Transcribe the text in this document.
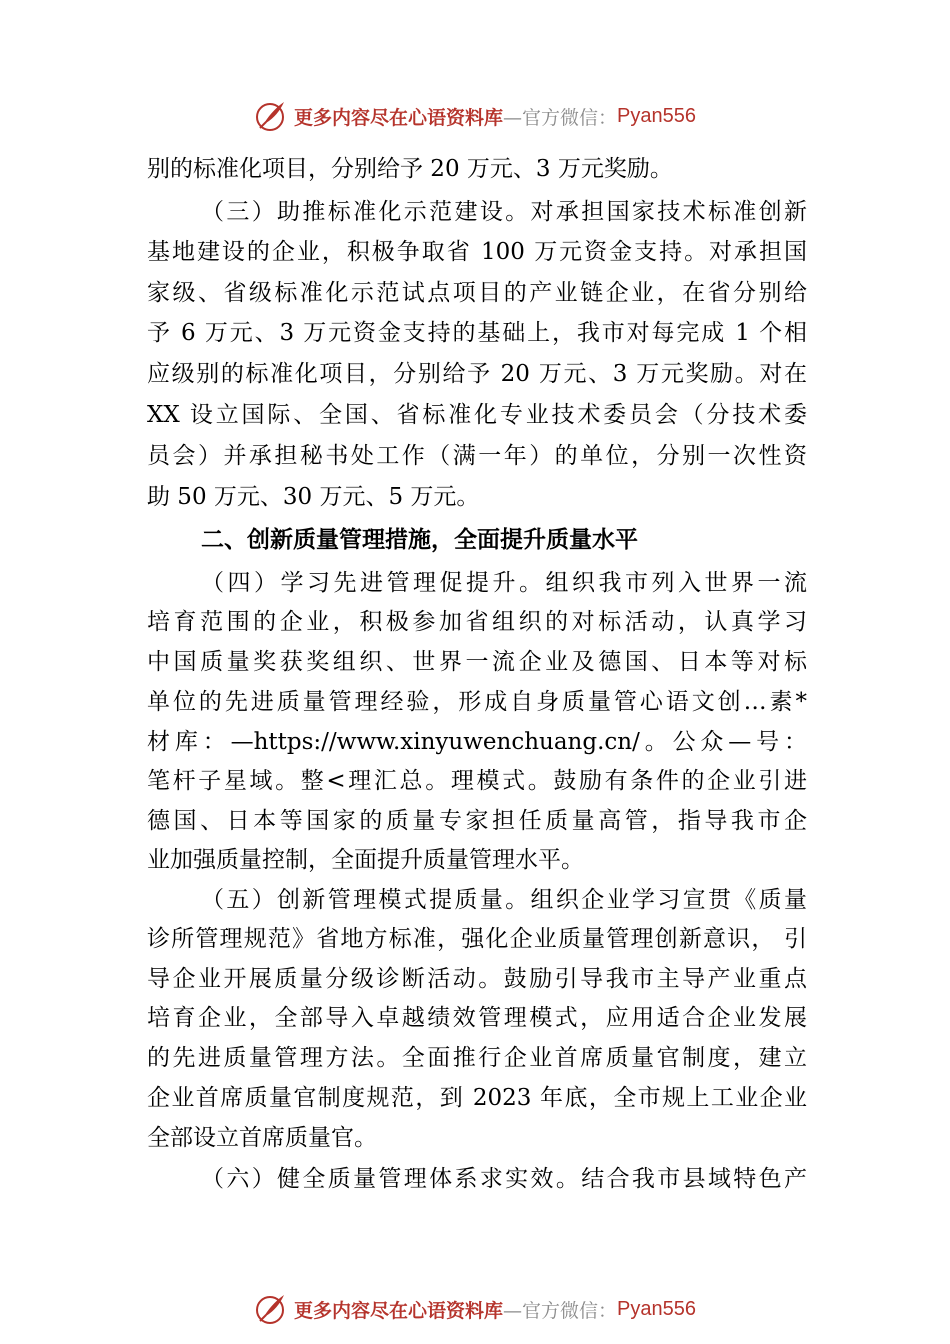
更多内容尽在心语资料库 —官方微信： Pyan556
别的标准化项目，分别给予 20 万元、3 万元奖励。
（三）助推标准化示范建设。对承担国家技术标准创新
基地建设的企业，积极争取省 100 万元资金支持。对承担国
家级、省级标准化示范试点项目的产业链企业，在省分别给
予 6 万元、3 万元资金支持的基础上，我市对每完成 1 个相
应级别的标准化项目，分别给予 20 万元、3 万元奖励。对在
XX 设立国际、全国、省标准化专业技术委员会（分技术委
员会）并承担秘书处工作（满一年）的单位，分别一次性资
助 50 万元、30 万元、5 万元。
二、创新质量管理措施，全面提升质量水平
（四）学习先进管理促提升。组织我市列入世界一流
培育范围的企业，积极参加省组织的对标活动，认真学习
中国质量奖获奖组织、世界一流企业及德国、日本等对标
单位的先进质量管理经验，形成自身质量管心语文创…素*
材库：—https://www.xinyuwenchuang.cn/。公众—号：
笔杆子星域。整<理汇总。理模式。鼓励有条件的企业引进
德国、日本等国家的质量专家担任质量高管，指导我市企
业加强质量控制，全面提升质量管理水平。
（五）创新管理模式提质量。组织企业学习宣贯《质量
诊所管理规范》省地方标准，强化企业质量管理创新意识， 引
导企业开展质量分级诊断活动。鼓励引导我市主导产业重点
培育企业，全部导入卓越绩效管理模式，应用适合企业发展
的先进质量管理方法。全面推行企业首席质量官制度，建立
企业首席质量官制度规范，到 2023 年底，全市规上工业企业
全部设立首席质量官。
（六）健全质量管理体系求实效。结合我市县域特色产
更多内容尽在心语资料库 —官方微信： Pyan556
